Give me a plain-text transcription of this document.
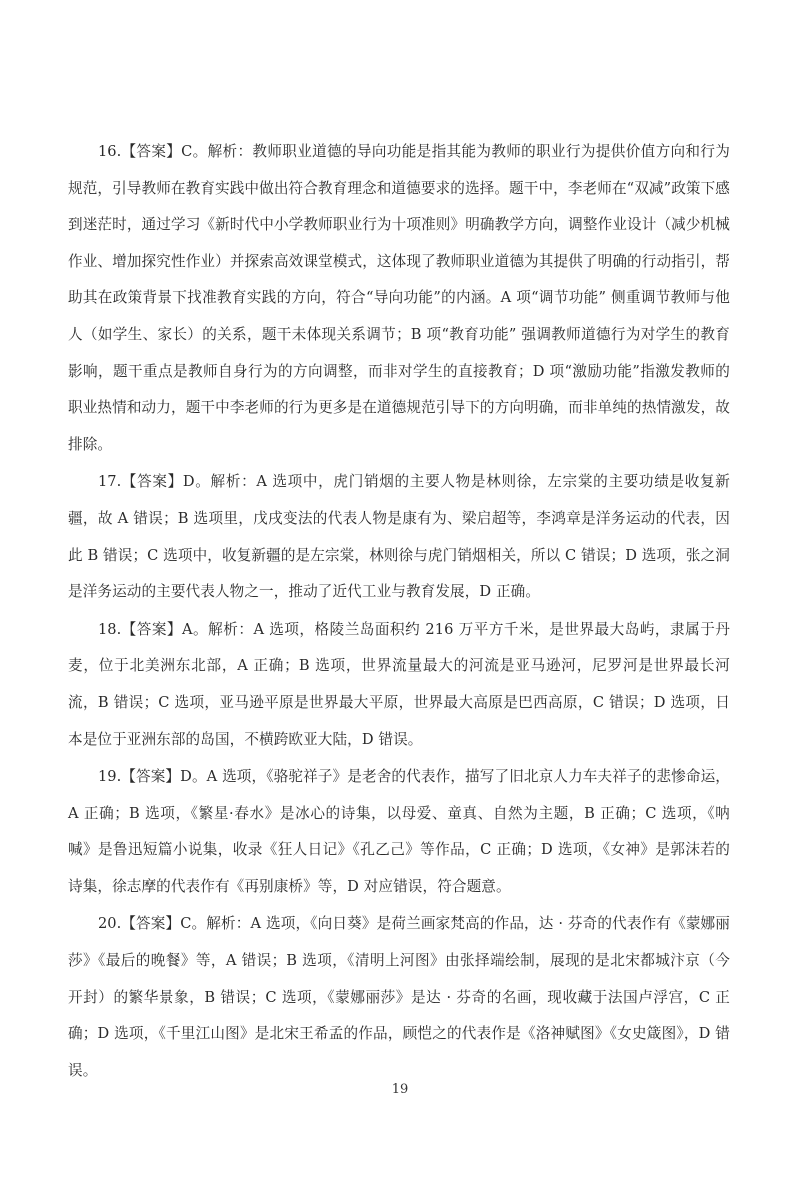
16.【答案】C。解析：教师职业道德的导向功能是指其能为教师的职业行为提供价值方向和行为规范，引导教师在教育实践中做出符合教育理念和道德要求的选择。题干中，李老师在“双减”政策下感到迷茫时，通过学习《新时代中小学教师职业行为十项准则》明确教学方向，调整作业设计（减少机械作业、增加探究性作业）并探索高效课堂模式，这体现了教师职业道德为其提供了明确的行动指引，帮助其在政策背景下找准教育实践的方向，符合“导向功能”的内涵。A 项“调节功能” 侧重调节教师与他人（如学生、家长）的关系，题干未体现关系调节；B 项“教育功能” 强调教师道德行为对学生的教育影响，题干重点是教师自身行为的方向调整，而非对学生的直接教育；D 项“激励功能”指激发教师的职业热情和动力，题干中李老师的行为更多是在道德规范引导下的方向明确，而非单纯的热情激发，故排除。

17.【答案】D。解析：A 选项中，虎门销烟的主要人物是林则徐，左宗棠的主要功绩是收复新疆，故 A 错误；B 选项里，戊戌变法的代表人物是康有为、梁启超等，李鸿章是洋务运动的代表，因此 B 错误；C 选项中，收复新疆的是左宗棠，林则徐与虎门销烟相关，所以 C 错误；D 选项，张之洞是洋务运动的主要代表人物之一，推动了近代工业与教育发展，D 正确。

18.【答案】A。解析：A 选项，格陵兰岛面积约 216 万平方千米，是世界最大岛屿，隶属于丹麦，位于北美洲东北部，A 正确；B 选项，世界流量最大的河流是亚马逊河，尼罗河是世界最长河流，B 错误；C 选项，亚马逊平原是世界最大平原，世界最大高原是巴西高原，C 错误；D 选项，日本是位于亚洲东部的岛国，不横跨欧亚大陆，D 错误。

19.【答案】D。A 选项，《骆驼祥子》是老舍的代表作，描写了旧北京人力车夫祥子的悲惨命运，A 正确；B 选项，《繁星·春水》是冰心的诗集，以母爱、童真、自然为主题，B 正确；C 选项，《呐喊》是鲁迅短篇小说集，收录《狂人日记》《孔乙己》等作品，C 正确；D 选项，《女神》是郭沫若的诗集，徐志摩的代表作有《再别康桥》等，D 对应错误，符合题意。

20.【答案】C。解析：A 选项，《向日葵》是荷兰画家梵高的作品，达 · 芬奇的代表作有《蒙娜丽莎》《最后的晚餐》等，A 错误；B 选项，《清明上河图》由张择端绘制，展现的是北宋都城汴京（今开封）的繁华景象，B 错误；C 选项，《蒙娜丽莎》是达 · 芬奇的名画，现收藏于法国卢浮宫，C 正确；D 选项，《千里江山图》是北宋王希孟的作品，顾恺之的代表作是《洛神赋图》《女史箴图》，D 错误。

19
